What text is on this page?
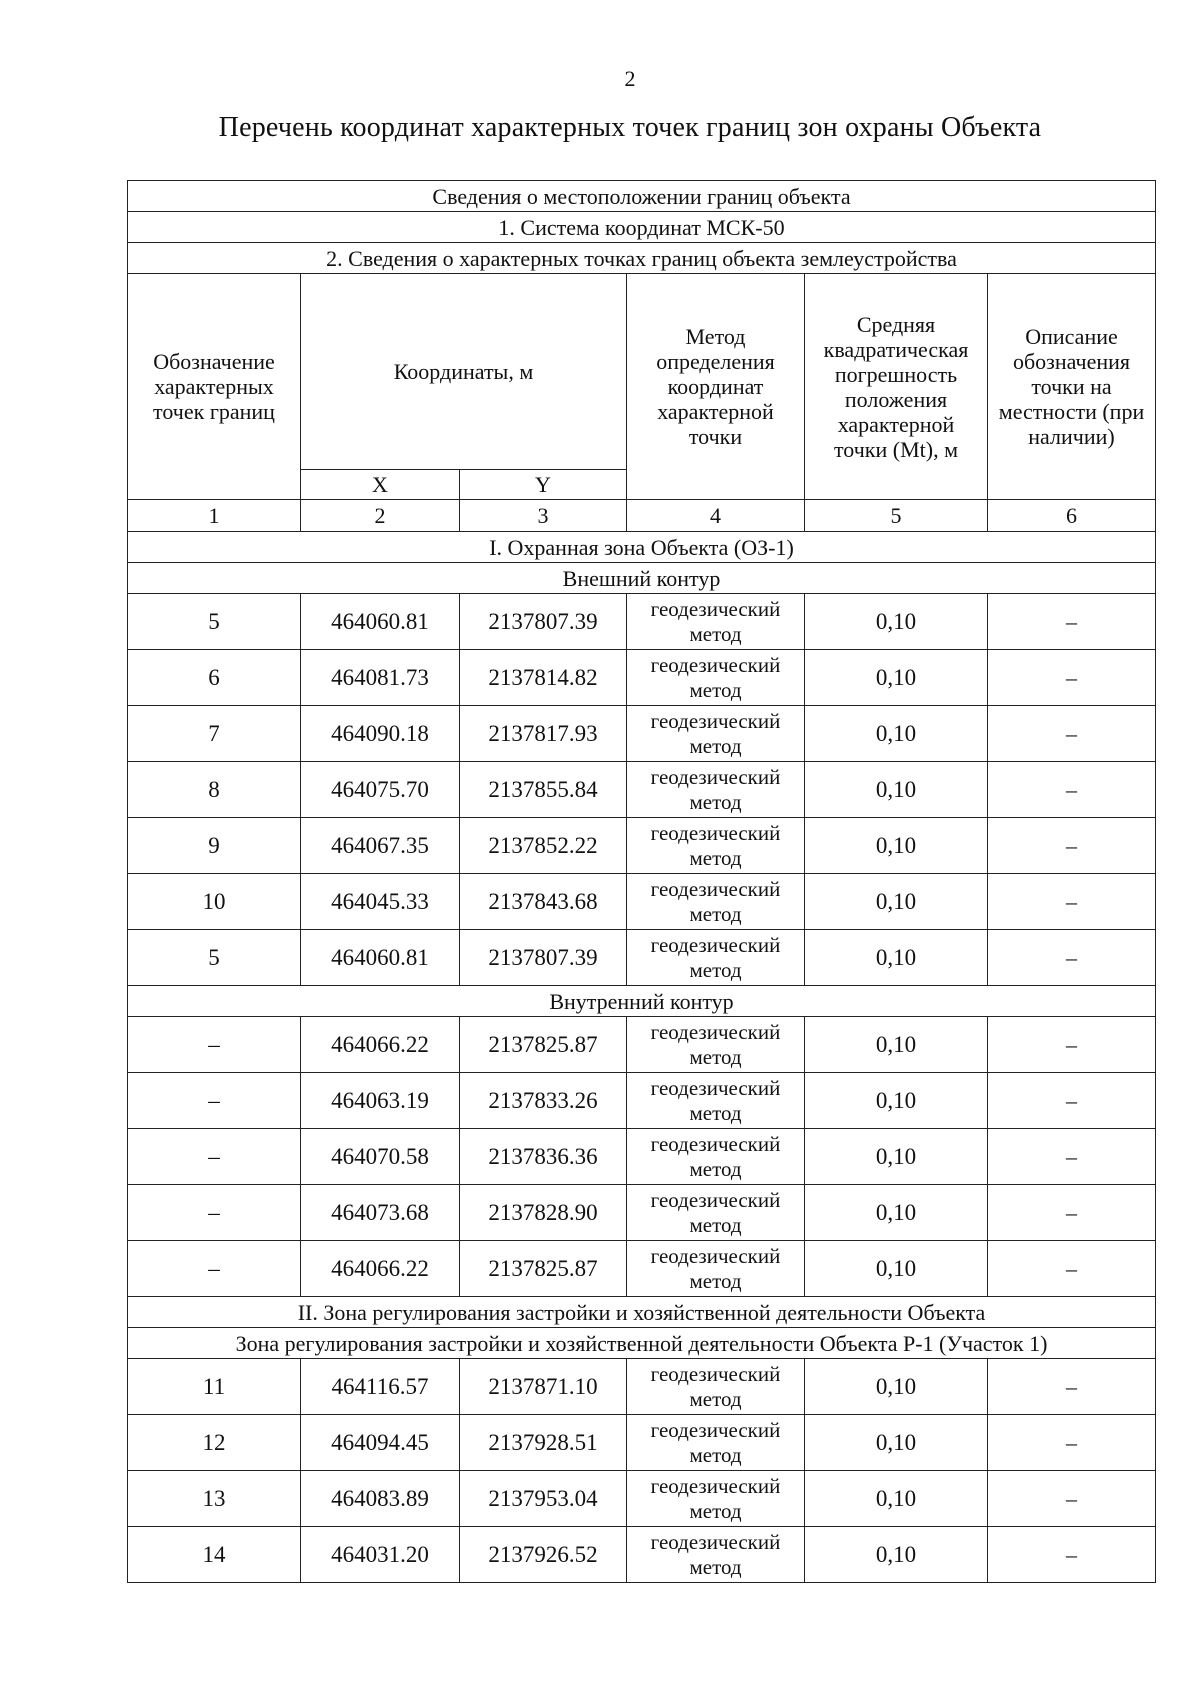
2
Перечень координат характерных точек границ зон охраны Объекта
Сведения о местоположении границ объекта					
1. Система координат МСК-50					
2. Сведения о характерных точках границ объекта землеустройства					
Обозначение характерных точек границ	Координаты, м		Метод определения координат характерной точки	Средняя квадратическая погрешность положения характерной точки (Mt), м	Описание обозначения точки на местности (при наличии)
	X	Y			
1	2	3	4	5	6
I. Охранная зона Объекта (ОЗ-1)					
Внешний контур					
5	464060.81	2137807.39	геодезический метод	0,10	–
6	464081.73	2137814.82	геодезический метод	0,10	–
7	464090.18	2137817.93	геодезический метод	0,10	–
8	464075.70	2137855.84	геодезический метод	0,10	–
9	464067.35	2137852.22	геодезический метод	0,10	–
10	464045.33	2137843.68	геодезический метод	0,10	–
5	464060.81	2137807.39	геодезический метод	0,10	–
Внутренний контур					
–	464066.22	2137825.87	геодезический метод	0,10	–
–	464063.19	2137833.26	геодезический метод	0,10	–
–	464070.58	2137836.36	геодезический метод	0,10	–
–	464073.68	2137828.90	геодезический метод	0,10	–
–	464066.22	2137825.87	геодезический метод	0,10	–
II. Зона регулирования застройки и хозяйственной деятельности Объекта					
Зона регулирования застройки и хозяйственной деятельности Объекта Р-1 (Участок 1)					
11	464116.57	2137871.10	геодезический метод	0,10	–
12	464094.45	2137928.51	геодезический метод	0,10	–
13	464083.89	2137953.04	геодезический метод	0,10	–
14	464031.20	2137926.52	геодезический метод	0,10	–
